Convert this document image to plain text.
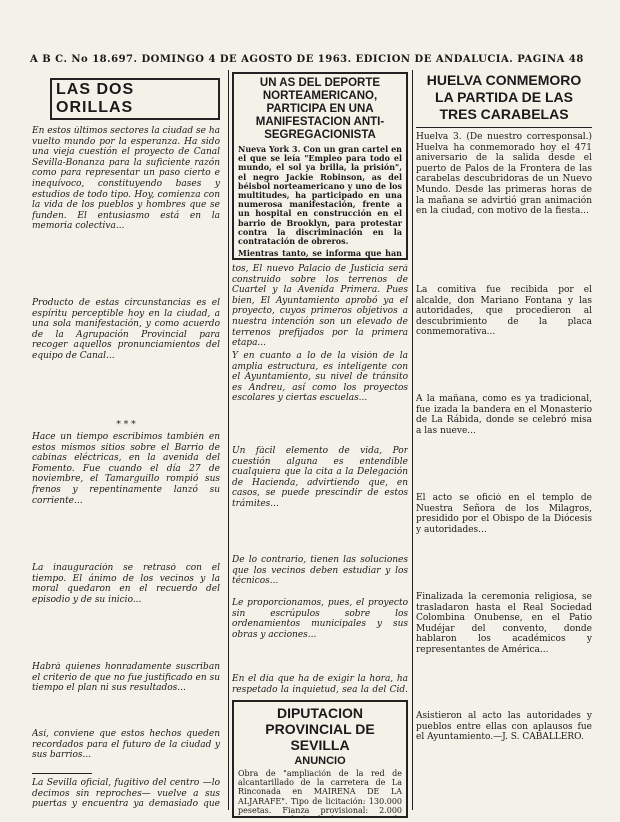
A B C. No 18.697. DOMINGO 4 DE AGOSTO DE 1963. EDICION DE ANDALUCIA. PAGINA 48
LAS DOS ORILLAS

En estos últimos sectores la ciudad se ha vuelto mundo por la esperanza. Ha sido una vieja cuestión el proyecto de Canal Sevilla-Bonanza para la suficiente razón como para representar un paso cierto e inequívoco, constituyendo bases y estudios de todo tipo. Hoy, comienza con la vida de los pueblos y hombres que se funden. El entusiasmo está en la memoria colectiva...

Producto de estas circunstancias es el espíritu perceptible hoy en la ciudad, a una sola manifestación, y como acuerdo de la Agrupación Provincial para recoger aquellos pronunciamientos del equipo de Canal...

* * *

Hace un tiempo escribimos también en estos mismos sitios sobre el Barrio de cabinas eléctricas, en la avenida del Fomento. Fue cuando el día 27 de noviembre, el Tamarguillo rompió sus frenos y repentinamente lanzó su corriente...

La inauguración se retrasó con el tiempo. El ánimo de los vecinos y la moral quedaron en el recuerdo del episodio y de su inicio...

Habrá quienes honradamente suscriban el criterio de que no fue justificado en su tiempo el plan ni sus resultados...

Así, conviene que estos hechos queden recordados para el futuro de la ciudad y sus barrios...

La Sevilla oficial, fugitivo del centro —lo decimos sin reproches— vuelve a sus puertas y encuentra ya demasiado que

UN AS DEL DEPORTE NORTEAMERICANO, PARTICIPA EN UNA MANIFESTACION ANTI-SEGREGACIONISTA

Nueva York 3. Con un gran cartel en el que se leía "Empleo para todo el mundo, el sol ya brilla, la prisión", el negro Jackie Robinson, as del béisbol norteamericano y uno de los multitudes, ha participado en una numerosa manifestación, frente a un hospital en construcción en el barrio de Brooklyn, para protestar contra la discriminación en la contratación de obreros.

Mientras tanto, se informa que han

tos, El nuevo Palacio de Justicia será construido sobre los terrenos de Cuartel y la Avenida Primera. Pues bien, El Ayuntamiento aprobó ya el proyecto, cuyos primeros objetivos a nuestra intención son un elevado de terrenos prefijados por la primera etapa...

Y en cuanto a lo de la visión de la amplia estructura, es inteligente con el Ayuntamiento, su nivel de tránsito es Andreu, así como los proyectos escolares y ciertas escuelas...

Un fácil elemento de vida, Por cuestión alguna es entendible cualquiera que la cita a la Delegación de Hacienda, advirtiendo que, en casos, se puede prescindir de estos trámites...

De lo contrario, tienen las soluciones que los vecinos deben estudiar y los técnicos...

Le proporcionamos, pues, el proyecto sin escrúpulos sobre los ordenamientos municipales y sus obras y acciones...

En el día que ha de exigir la hora, ha respetado la inquietud, sea la del Cid.

DIPUTACION PROVINCIAL DE SEVILLA

ANUNCIO

Obra de "ampliación de la red de alcantarillado de la carretera de La Rinconada en MAIRENA DE LA ALJARAFE". Tipo de licitación: 130.000 pesetas. Fianza provisional: 2.000

HUELVA CONMEMORO LA PARTIDA DE LAS TRES CARABELAS

Huelva 3. (De nuestro corresponsal.) Huelva ha conmemorado hoy el 471 aniversario de la salida desde el puerto de Palos de la Frontera de las carabelas descubridoras de un Nuevo Mundo. Desde las primeras horas de la mañana se advirtió gran animación en la ciudad, con motivo de la fiesta...

La comitiva fue recibida por el alcalde, don Mariano Fontana y las autoridades, que procedieron al descubrimiento de la placa conmemorativa...

A la mañana, como es ya tradicional, fue izada la bandera en el Monasterio de La Rábida, donde se celebró misa a las nueve...

El acto se ofició en el templo de Nuestra Señora de los Milagros, presidido por el Obispo de la Diócesis y autoridades...

Finalizada la ceremonia religiosa, se trasladaron hasta el Real Sociedad Colombina Onubense, en el Patio Mudéjar del convento, donde hablaron los académicos y representantes de América...

Asistieron al acto las autoridades y pueblos entre ellas con aplausos fue el Ayuntamiento.—J. S. CABALLERO.
